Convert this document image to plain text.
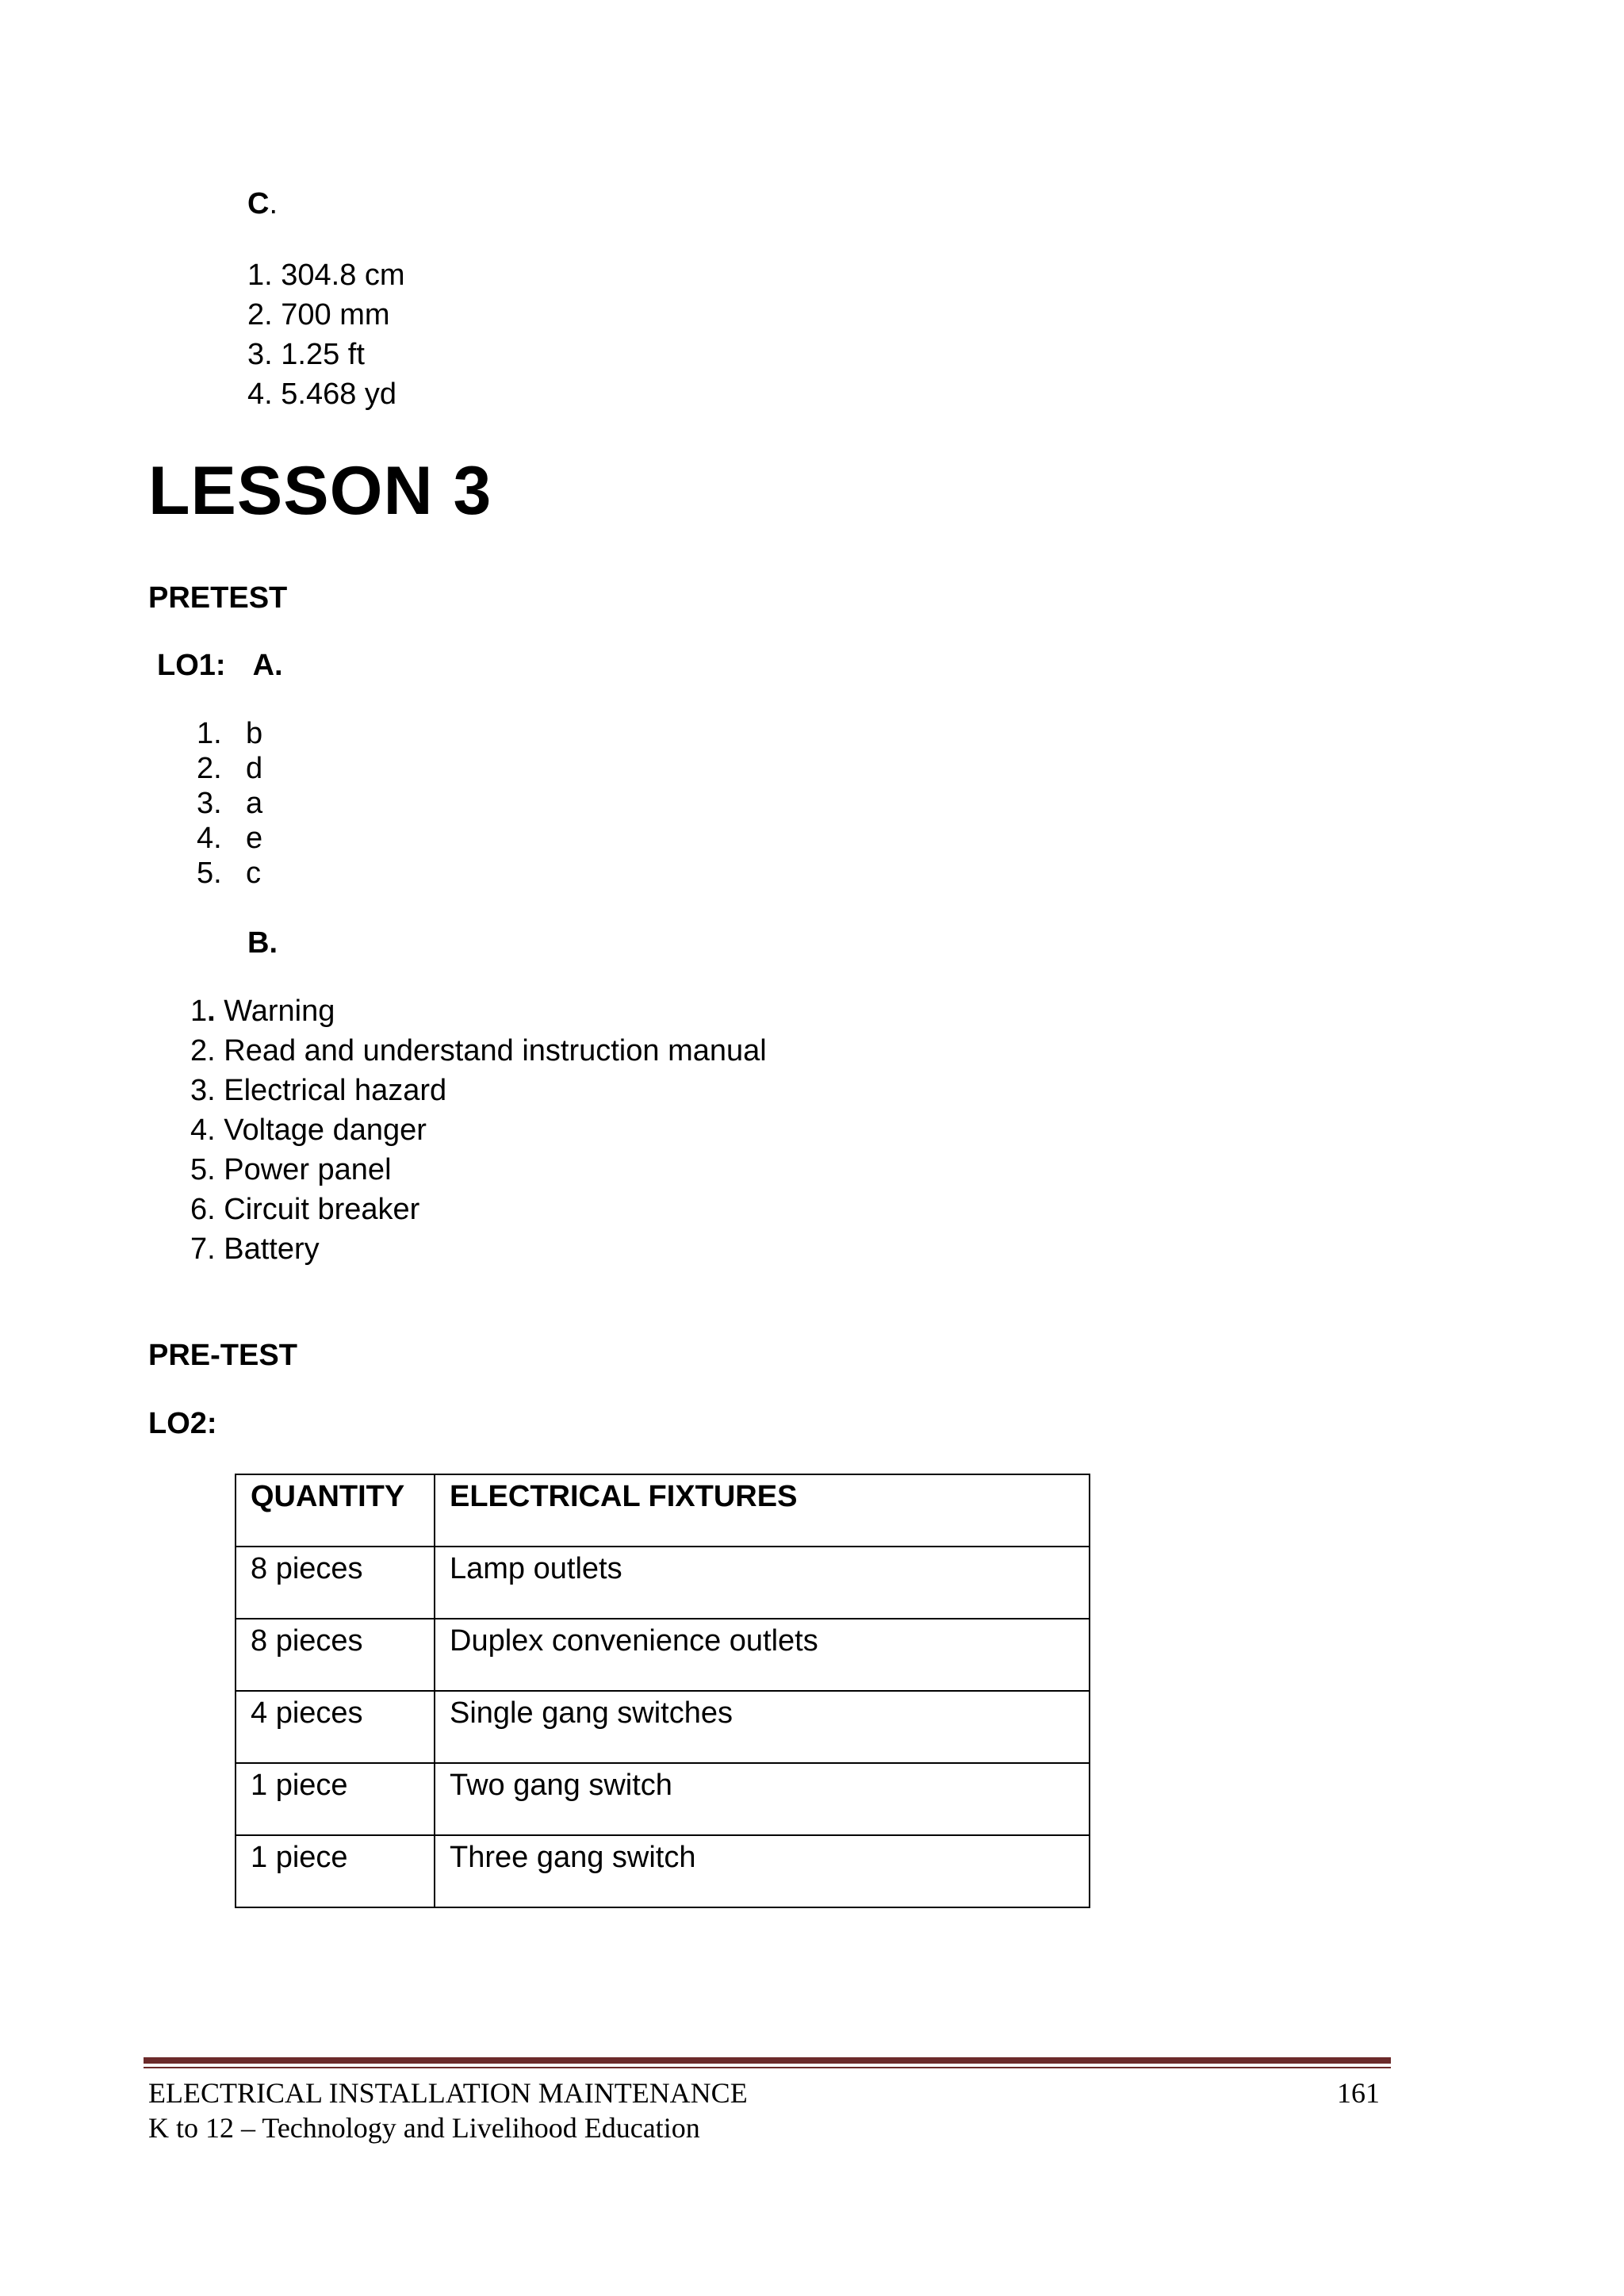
C.
1. 304.8 cm
2. 700 mm
3. 1.25 ft
4. 5.468 yd
LESSON 3
PRETEST
LO1: A.
1. b
2. d
3. a
4. e
5. c
B.
1. Warning
2. Read and understand instruction manual
3. Electrical hazard
4. Voltage danger
5. Power panel
6. Circuit breaker
7. Battery
PRE-TEST
LO2:
QUANTITY	ELECTRICAL FIXTURES
8 pieces	Lamp outlets
8 pieces	Duplex convenience outlets
4 pieces	Single gang switches
1 piece	Two gang switch
1 piece	Three gang switch
ELECTRICAL INSTALLATION MAINTENANCE
K to 12 – Technology and Livelihood Education
161
